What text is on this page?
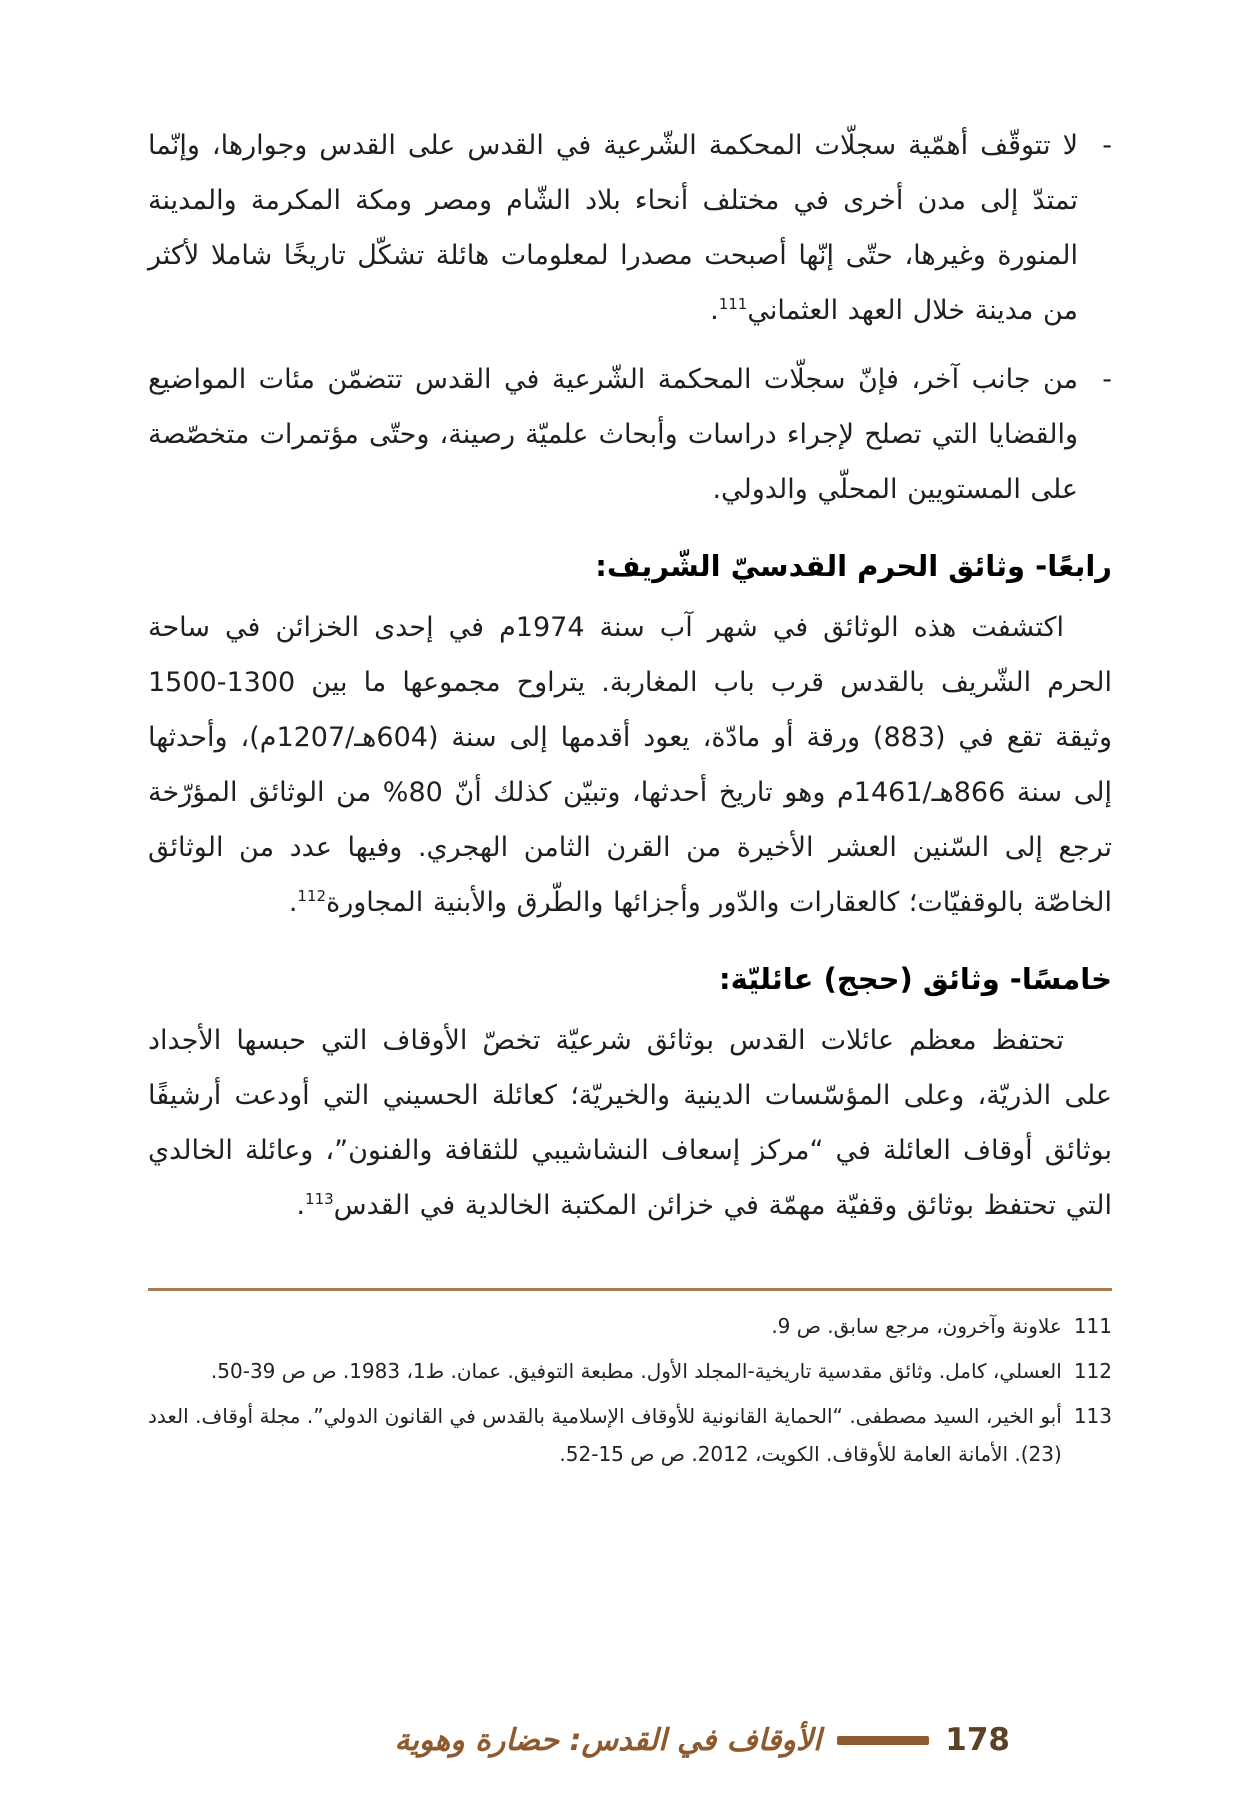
-

لا تتوقّف أهمّية سجلّات المحكمة الشّرعية في القدس على القدس وجوارها، وإنّما تمتدّ إلى مدن أخرى في مختلف أنحاء بلاد الشّام ومصر ومكة المكرمة والمدينة المنورة وغيرها، حتّى إنّها أصبحت مصدرا لمعلومات هائلة تشكّل تاريخًا شاملا لأكثر من مدينة خلال العهد العثماني$^{111}$.

-

من جانب آخر، فإنّ سجلّات المحكمة الشّرعية في القدس تتضمّن مئات المواضيع والقضايا التي تصلح لإجراء دراسات وأبحاث علميّة رصينة، وحتّى مؤتمرات متخصّصة على المستويين المحلّي والدولي.

رابعًا- وثائق الحرم القدسيّ الشّريف:

اكتشفت هذه الوثائق في شهر آب سنة 1974م في إحدى الخزائن في ساحة الحرم الشّريف بالقدس قرب باب المغاربة. يتراوح مجموعها ما بين 1300-1500 وثيقة تقع في (883) ورقة أو مادّة، يعود أقدمها إلى سنة (604هـ/1207م)، وأحدثها إلى سنة 866هـ/1461م وهو تاريخ أحدثها، وتبيّن كذلك أنّ 80% من الوثائق المؤرّخة ترجع إلى السّنين العشر الأخيرة من القرن الثامن الهجري. وفيها عدد من الوثائق الخاصّة بالوقفيّات؛ كالعقارات والدّور وأجزائها والطّرق والأبنية المجاورة$^{112}$.

خامسًا- وثائق (حجج) عائليّة:

تحتفظ معظم عائلات القدس بوثائق شرعيّة تخصّ الأوقاف التي حبسها الأجداد على الذريّة، وعلى المؤسّسات الدينية والخيريّة؛ كعائلة الحسيني التي أودعت أرشيفًا بوثائق أوقاف العائلة في “مركز إسعاف النشاشيبي للثقافة والفنون”، وعائلة الخالدي التي تحتفظ بوثائق وقفيّة مهمّة في خزائن المكتبة الخالدية في القدس$^{113}$.

111
علاونة وآخرون، مرجع سابق. ص 9.
112
العسلي، كامل. وثائق مقدسية تاريخية-المجلد الأول. مطبعة التوفيق. عمان. ط1، 1983. ص ص 39-50.
113
أبو الخير، السيد مصطفى. “الحماية القانونية للأوقاف الإسلامية بالقدس في القانون الدولي”. مجلة أوقاف. العدد (23). الأمانة العامة للأوقاف. الكويت، 2012. ص ص 15-52.
178
الأوقاف في القدس: حضارة وهوية
